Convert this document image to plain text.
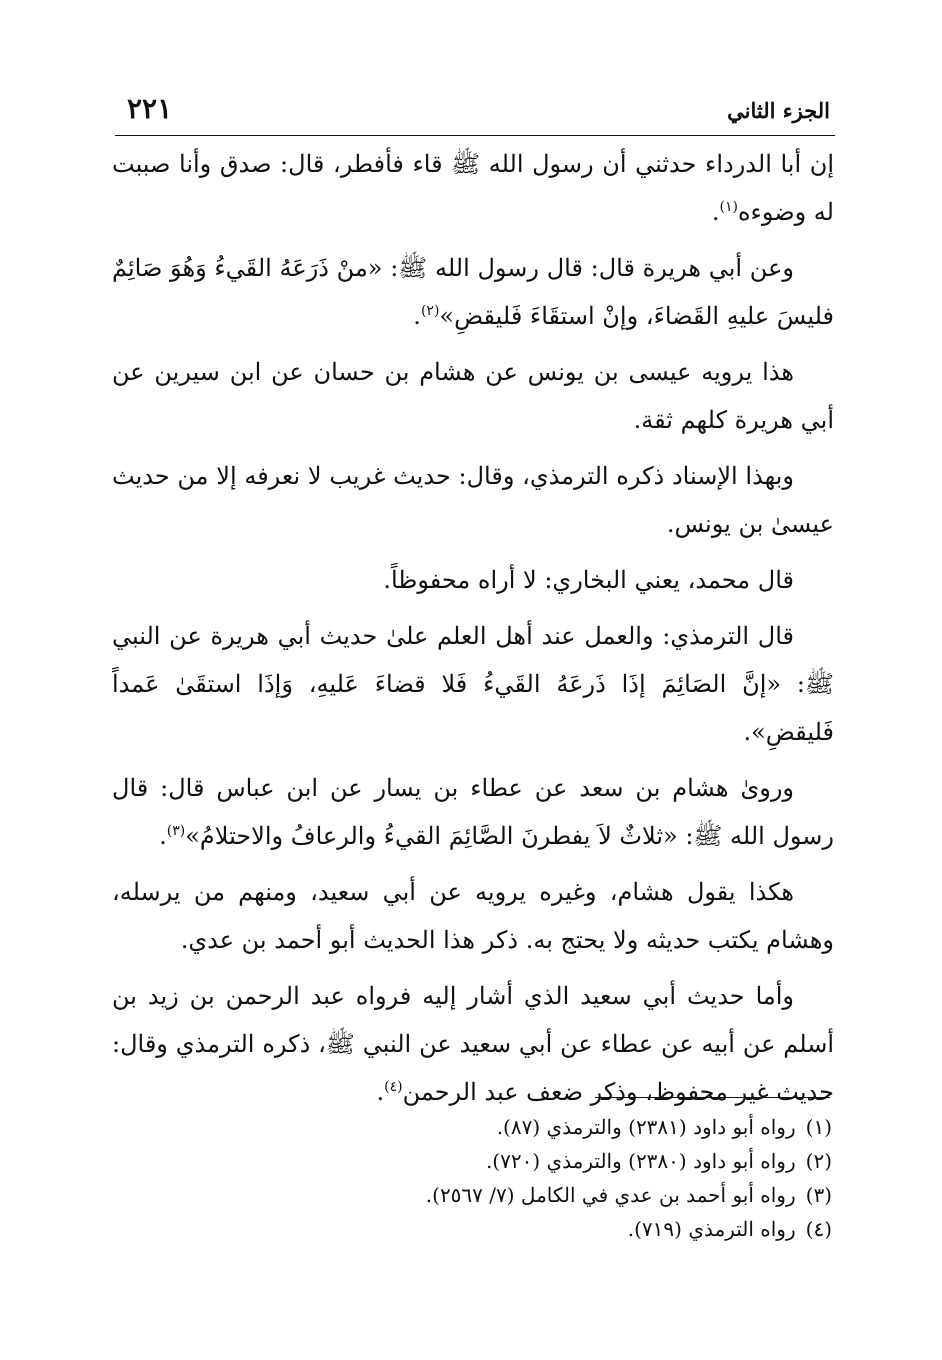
الجزء الثاني
٢٢١

إن أبا الدرداء حدثني أن رسول الله ﷺ قاء فأفطر، قال: صدق وأنا صببت له وضوءه$^{(١)}$.

وعن أبي هريرة قال: قال رسول الله ﷺ: «منْ ذَرَعَهُ القَيءُ وَهُوَ صَائِمٌ فليسَ عليهِ القَضاءَ، وإنْ استقَاءَ فَليقضِ»$^{(٢)}$.

هذا يرويه عيسى بن يونس عن هشام بن حسان عن ابن سيرين عن أبي هريرة كلهم ثقة.

وبهذا الإسناد ذكره الترمذي، وقال: حديث غريب لا نعرفه إلا من حديث عيسىٰ بن يونس.

قال محمد، يعني البخاري: لا أراه محفوظاً.

قال الترمذي: والعمل عند أهل العلم علىٰ حديث أبي هريرة عن النبي ﷺ: «إنَّ الصَائِمَ إذَا ذَرعَهُ القَيءُ فَلا قضاءَ عَليهِ، وَإذَا استقَىٰ عَمداً فَليقضِ».

وروىٰ هشام بن سعد عن عطاء بن يسار عن ابن عباس قال: قال رسول الله ﷺ: «ثلاثٌ لاَ يفطرنَ الصَّائِمَ القيءُ والرعافُ والاحتلامُ»$^{(٣)}$.

هكذا يقول هشام، وغيره يرويه عن أبي سعيد، ومنهم من يرسله، وهشام يكتب حديثه ولا يحتج به. ذكر هذا الحديث أبو أحمد بن عدي.

وأما حديث أبي سعيد الذي أشار إليه فرواه عبد الرحمن بن زيد بن أسلم عن أبيه عن عطاء عن أبي سعيد عن النبي ﷺ، ذكره الترمذي وقال: حديث غير محفوظ، وذكر ضعف عبد الرحمن$^{(٤)}$.

(١)رواه أبو داود (٢٣٨١) والترمذي (٨٧).

(٢)رواه أبو داود (٢٣٨٠) والترمذي (٧٢٠).

(٣)رواه أبو أحمد بن عدي في الكامل (٧/ ٢٥٦٧).

(٤)رواه الترمذي (٧١٩).
